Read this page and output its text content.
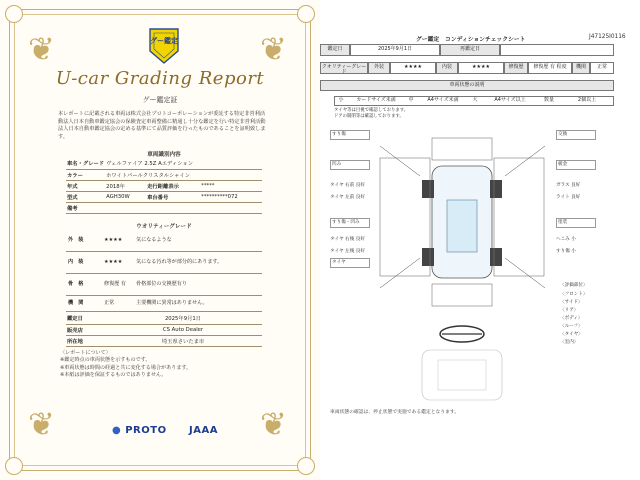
❦	❦
❦	❦
グー鑑定
U-car Grading Report
グー鑑定証
本レポートに記載される車両は株式会社プロトコーポレーションが委託する特定非営利活動法人日本自動車鑑定協会の保険査定車両整備に精通し十分な鑑定を行い特定非営利活動法人日本自動車鑑定協会の定める基準にて品質評価を行ったものであることを証明致します。
車両識別内容
車名・グレード	ヴェルファイア 2.5Z Aエディション		
カラー	ホワイトパールクリスタルシャイン		
年式	2018年	走行距離表示	*****
型式	AGH30W	車台番号	**********072
備考			
ウオリティーグレード
外　装	★★★★	気になるような
内　装	★★★★	気になる汚れ等が部分的にあります。
骨　格	修復歴 有 骨格部位の交換歴有り
機　関	正常	主要機関に異常はありません。
鑑定日	2025年9月1日
販売店	CS Auto Dealer
所在地	埼玉県さいたま市
〈レポートについて〉
※鑑定時点の車両状態を示すものです。
※車両状態は時間の経過と共に変化する場合があります。
※本紙は評価を保証するものではありません。
● PROTO JAAA
グー鑑定　コンディションチェックシート	J47125I0116
鑑定日	2025年9月1日	再鑑定日
クオリティーグレード
外装	★★★★	内装	★★★★	修復歴	修復歴 有 程度	機関	正常
車両状態の説明
小	カードサイズ未満	中	A4サイズ未満	大	A4サイズ以上	数量	2個以上
タイヤ等は目視で確認しております。
ドアの開閉等は確認しております。
すり傷
凹み
すり傷・凹み
タイヤ
交換
板金
塗装
タイヤ 右前 良好
タイヤ 左前 良好
タイヤ 右後 良好
タイヤ 左後 良好
ガラス 良好
ライト 良好
へこみ 小
すり傷 小
〈評価部位〉
〈フロント〉
〈サイド〉
〈リア〉
〈ボディ〉
〈ルーフ〉
〈タイヤ〉
〈室内〉
車両状態の確認は、停止状態で実施である鑑定となります。
